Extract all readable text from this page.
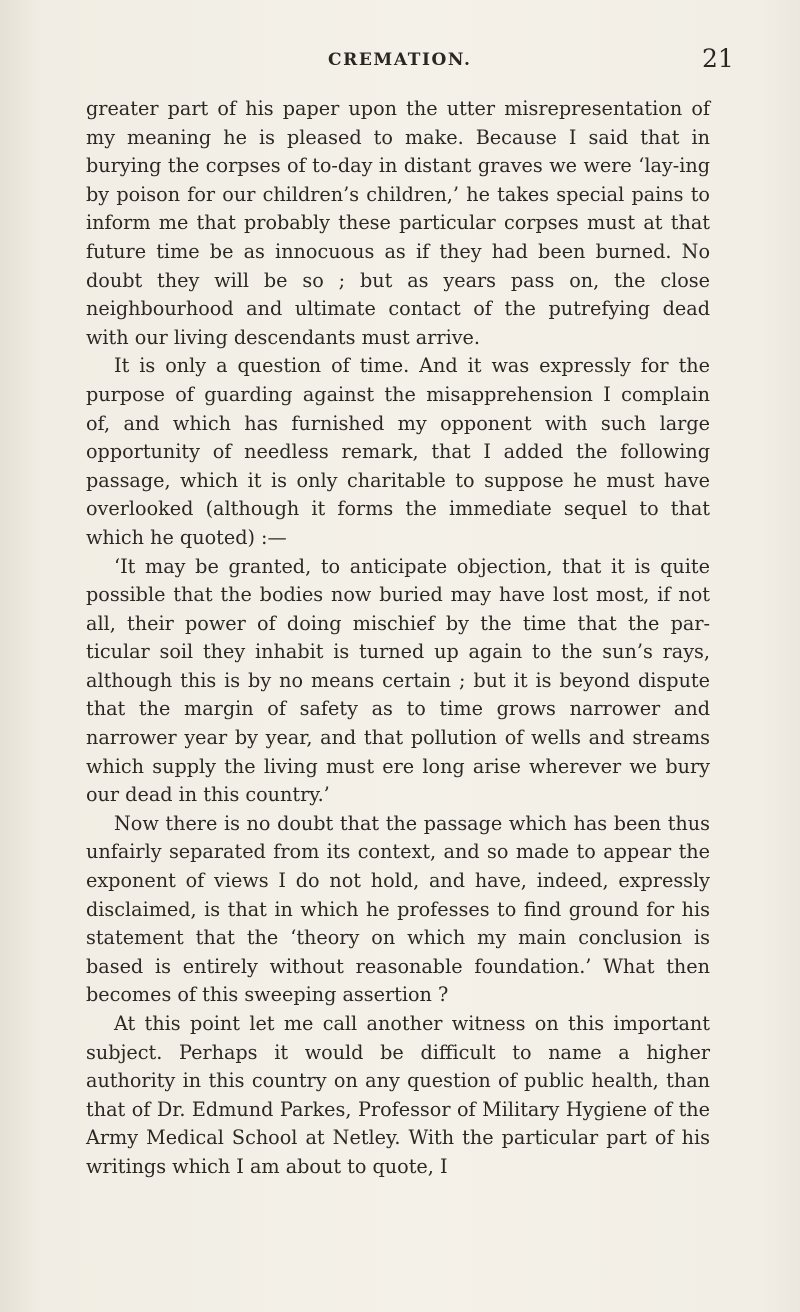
CREMATION.	21

greater part of his paper upon the utter misrepresentation of my meaning he is pleased to make. Because I said that in burying the corpses of to-day in distant graves we were ‘lay-ing by poison for our children’s children,’ he takes special pains to inform me that probably these particular corpses must at that future time be as innocuous as if they had been burned. No doubt they will be so ; but as years pass on, the close neighbourhood and ultimate contact of the putrefying dead with our living descendants must arrive.

It is only a question of time. And it was expressly for the purpose of guarding against the misapprehension I complain of, and which has furnished my opponent with such large opportunity of needless remark, that I added the following passage, which it is only charitable to suppose he must have overlooked (although it forms the immediate sequel to that which he quoted) :—

‘It may be granted, to anticipate objection, that it is quite possible that the bodies now buried may have lost most, if not all, their power of doing mischief by the time that the par-ticular soil they inhabit is turned up again to the sun’s rays, although this is by no means certain ; but it is beyond dispute that the margin of safety as to time grows narrower and narrower year by year, and that pollution of wells and streams which supply the living must ere long arise wherever we bury our dead in this country.’

Now there is no doubt that the passage which has been thus unfairly separated from its context, and so made to appear the exponent of views I do not hold, and have, indeed, expressly disclaimed, is that in which he professes to find ground for his statement that the ‘theory on which my main conclusion is based is entirely without reasonable foundation.’ What then becomes of this sweeping assertion ?

At this point let me call another witness on this important subject. Perhaps it would be difficult to name a higher authority in this country on any question of public health, than that of Dr. Edmund Parkes, Professor of Military Hygiene of the Army Medical School at Netley. With the particular part of his writings which I am about to quote, I
